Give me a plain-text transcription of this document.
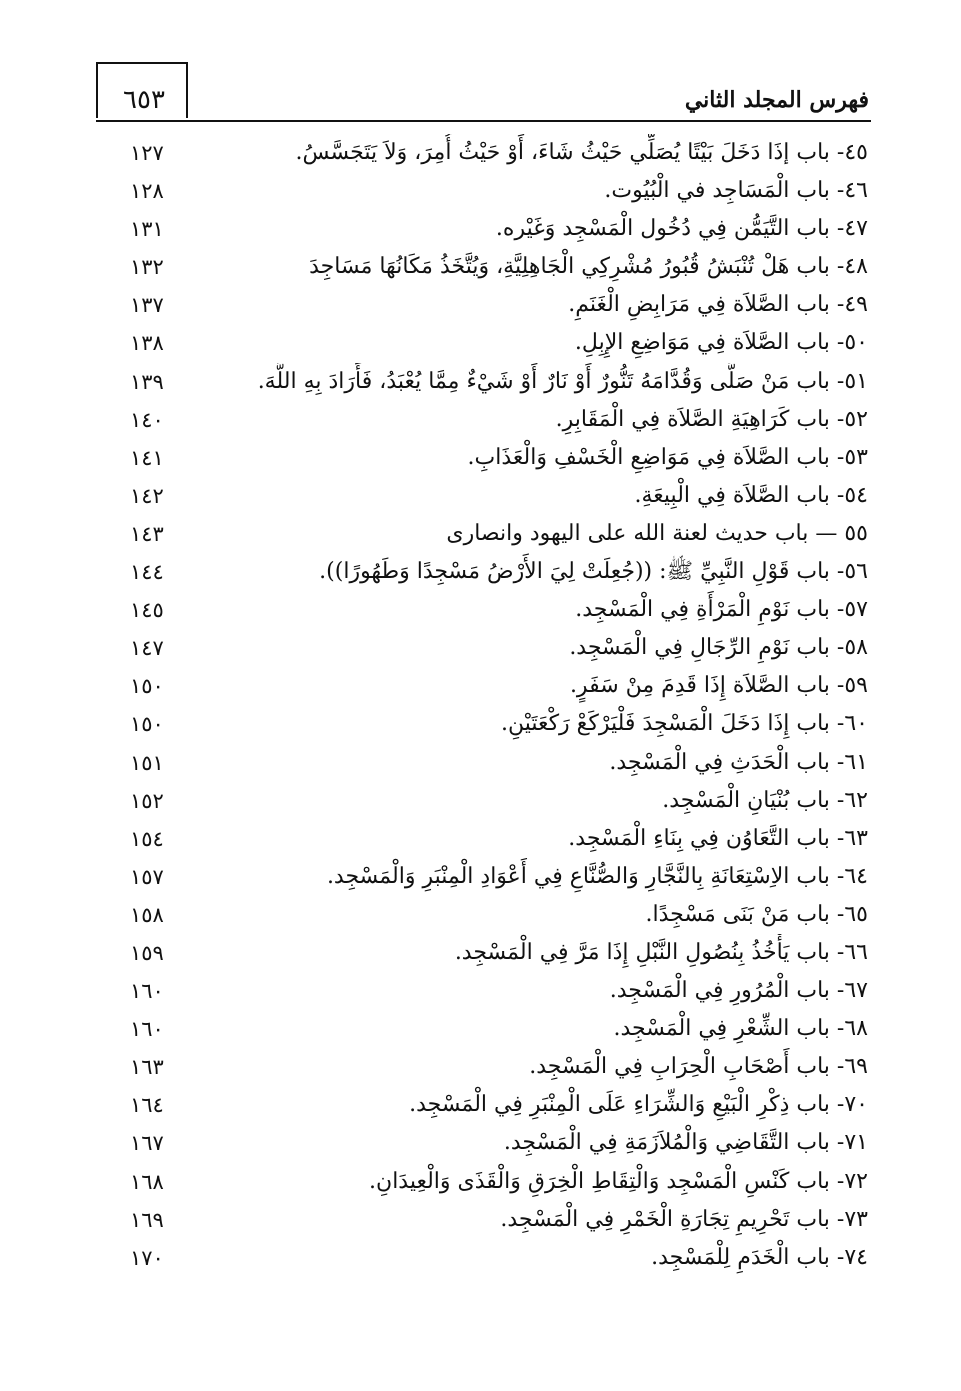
٦٥٣	فهرس المجلد الثاني
٤٥- باب إذَا دَخَلَ بَيْتًا يُصَلِّي حَيْثُ شَاءَ، أَوْ حَيْثُ أُمِرَ، وَلاَ يَتَجَسَّسُ.
١٢٧
٤٦- باب الْمَسَاجِد في الْبُيُوت.
١٢٨
٤٧- باب التَّيَمُّن فِي دُخُول الْمَسْجِد وَغَيْره.
١٣١
٤٨- باب هَلْ تُنْبَشُ قُبُورُ مُشْرِكِي الْجَاهِلِيَّةِ، وَيُتَّخَذُ مَكَانُهَا مَسَاجِدَ
١٣٢
٤٩- باب الصَّلاَة فِي مَرَابِضِ الْغَنَمِ.
١٣٧
٥٠- باب الصَّلاَة فِي مَوَاضِعِ الإِبِلِ.
١٣٨
٥١- باب مَنْ صَلَّى وَقُدَّامَهُ تَنُّورٌ أَوْ نَارٌ أَوْ شَيْءٌ مِمَّا يُعْبَدُ، فَأَرَادَ بِهِ اللَّهَ.
١٣٩
٥٢- باب كَرَاهِيَةِ الصَّلاَة فِي الْمَقَابِرِ.
١٤٠
٥٣- باب الصَّلاَة فِي مَوَاضِعِ الْخَسْفِ وَالْعَذَابِ.
١٤١
٥٤- باب الصَّلاَة فِي الْبِيعَةِ.
١٤٢
٥٥ — باب حديث لعنة الله على اليهود وانصارى
١٤٣
٥٦- باب قَوْلِ النَّبِيِّ ﷺ: ((جُعِلَتْ لِيَ الأَرْضُ مَسْجِدًا وَطَهُورًا)).
١٤٤
٥٧- باب نَوْمِ الْمَرْأَةِ فِي الْمَسْجِد.
١٤٥
٥٨- باب نَوْمِ الرِّجَالِ فِي الْمَسْجِد.
١٤٧
٥٩- باب الصَّلاَة إِذَا قَدِمَ مِنْ سَفَرٍ.
١٥٠
٦٠- باب إِذَا دَخَلَ الْمَسْجِدَ فَلْيَرْكَعْ رَكْعَتَيْنِ.
١٥٠
٦١- باب الْحَدَثِ فِي الْمَسْجِد.
١٥١
٦٢- باب بُنْيَانِ الْمَسْجِد.
١٥٢
٦٣- باب التَّعَاوُن فِي بِنَاءِ الْمَسْجِد.
١٥٤
٦٤- باب الاِسْتِعَانَةِ بِالنَّجَّارِ وَالصُّنَّاعِ فِي أَعْوَادِ الْمِنْبَرِ وَالْمَسْجِد.
١٥٧
٦٥- باب مَنْ بَنَى مَسْجِدًا.
١٥٨
٦٦- باب يَأْخُذُ بِنُصُولِ النَّبْلِ إِذَا مَرَّ فِي الْمَسْجِد.
١٥٩
٦٧- باب الْمُرُورِ فِي الْمَسْجِد.
١٦٠
٦٨- باب الشِّعْرِ فِي الْمَسْجِد.
١٦٠
٦٩- باب أَصْحَابِ الْحِرَابِ فِي الْمَسْجِد.
١٦٣
٧٠- باب ذِكْرِ الْبَيْعِ وَالشِّرَاءِ عَلَى الْمِنْبَرِ فِي الْمَسْجِد.
١٦٤
٧١- باب التَّقَاضِي وَالْمُلاَزَمَةِ فِي الْمَسْجِد.
١٦٧
٧٢- باب كَنْسِ الْمَسْجِد وَالْتِقَاطِ الْخِرَقِ وَالْقَذَى وَالْعِيدَانِ.
١٦٨
٧٣- باب تَحْرِيمِ تِجَارَةِ الْخَمْرِ فِي الْمَسْجِد.
١٦٩
٧٤- باب الْخَدَمِ لِلْمَسْجِد.
١٧٠
